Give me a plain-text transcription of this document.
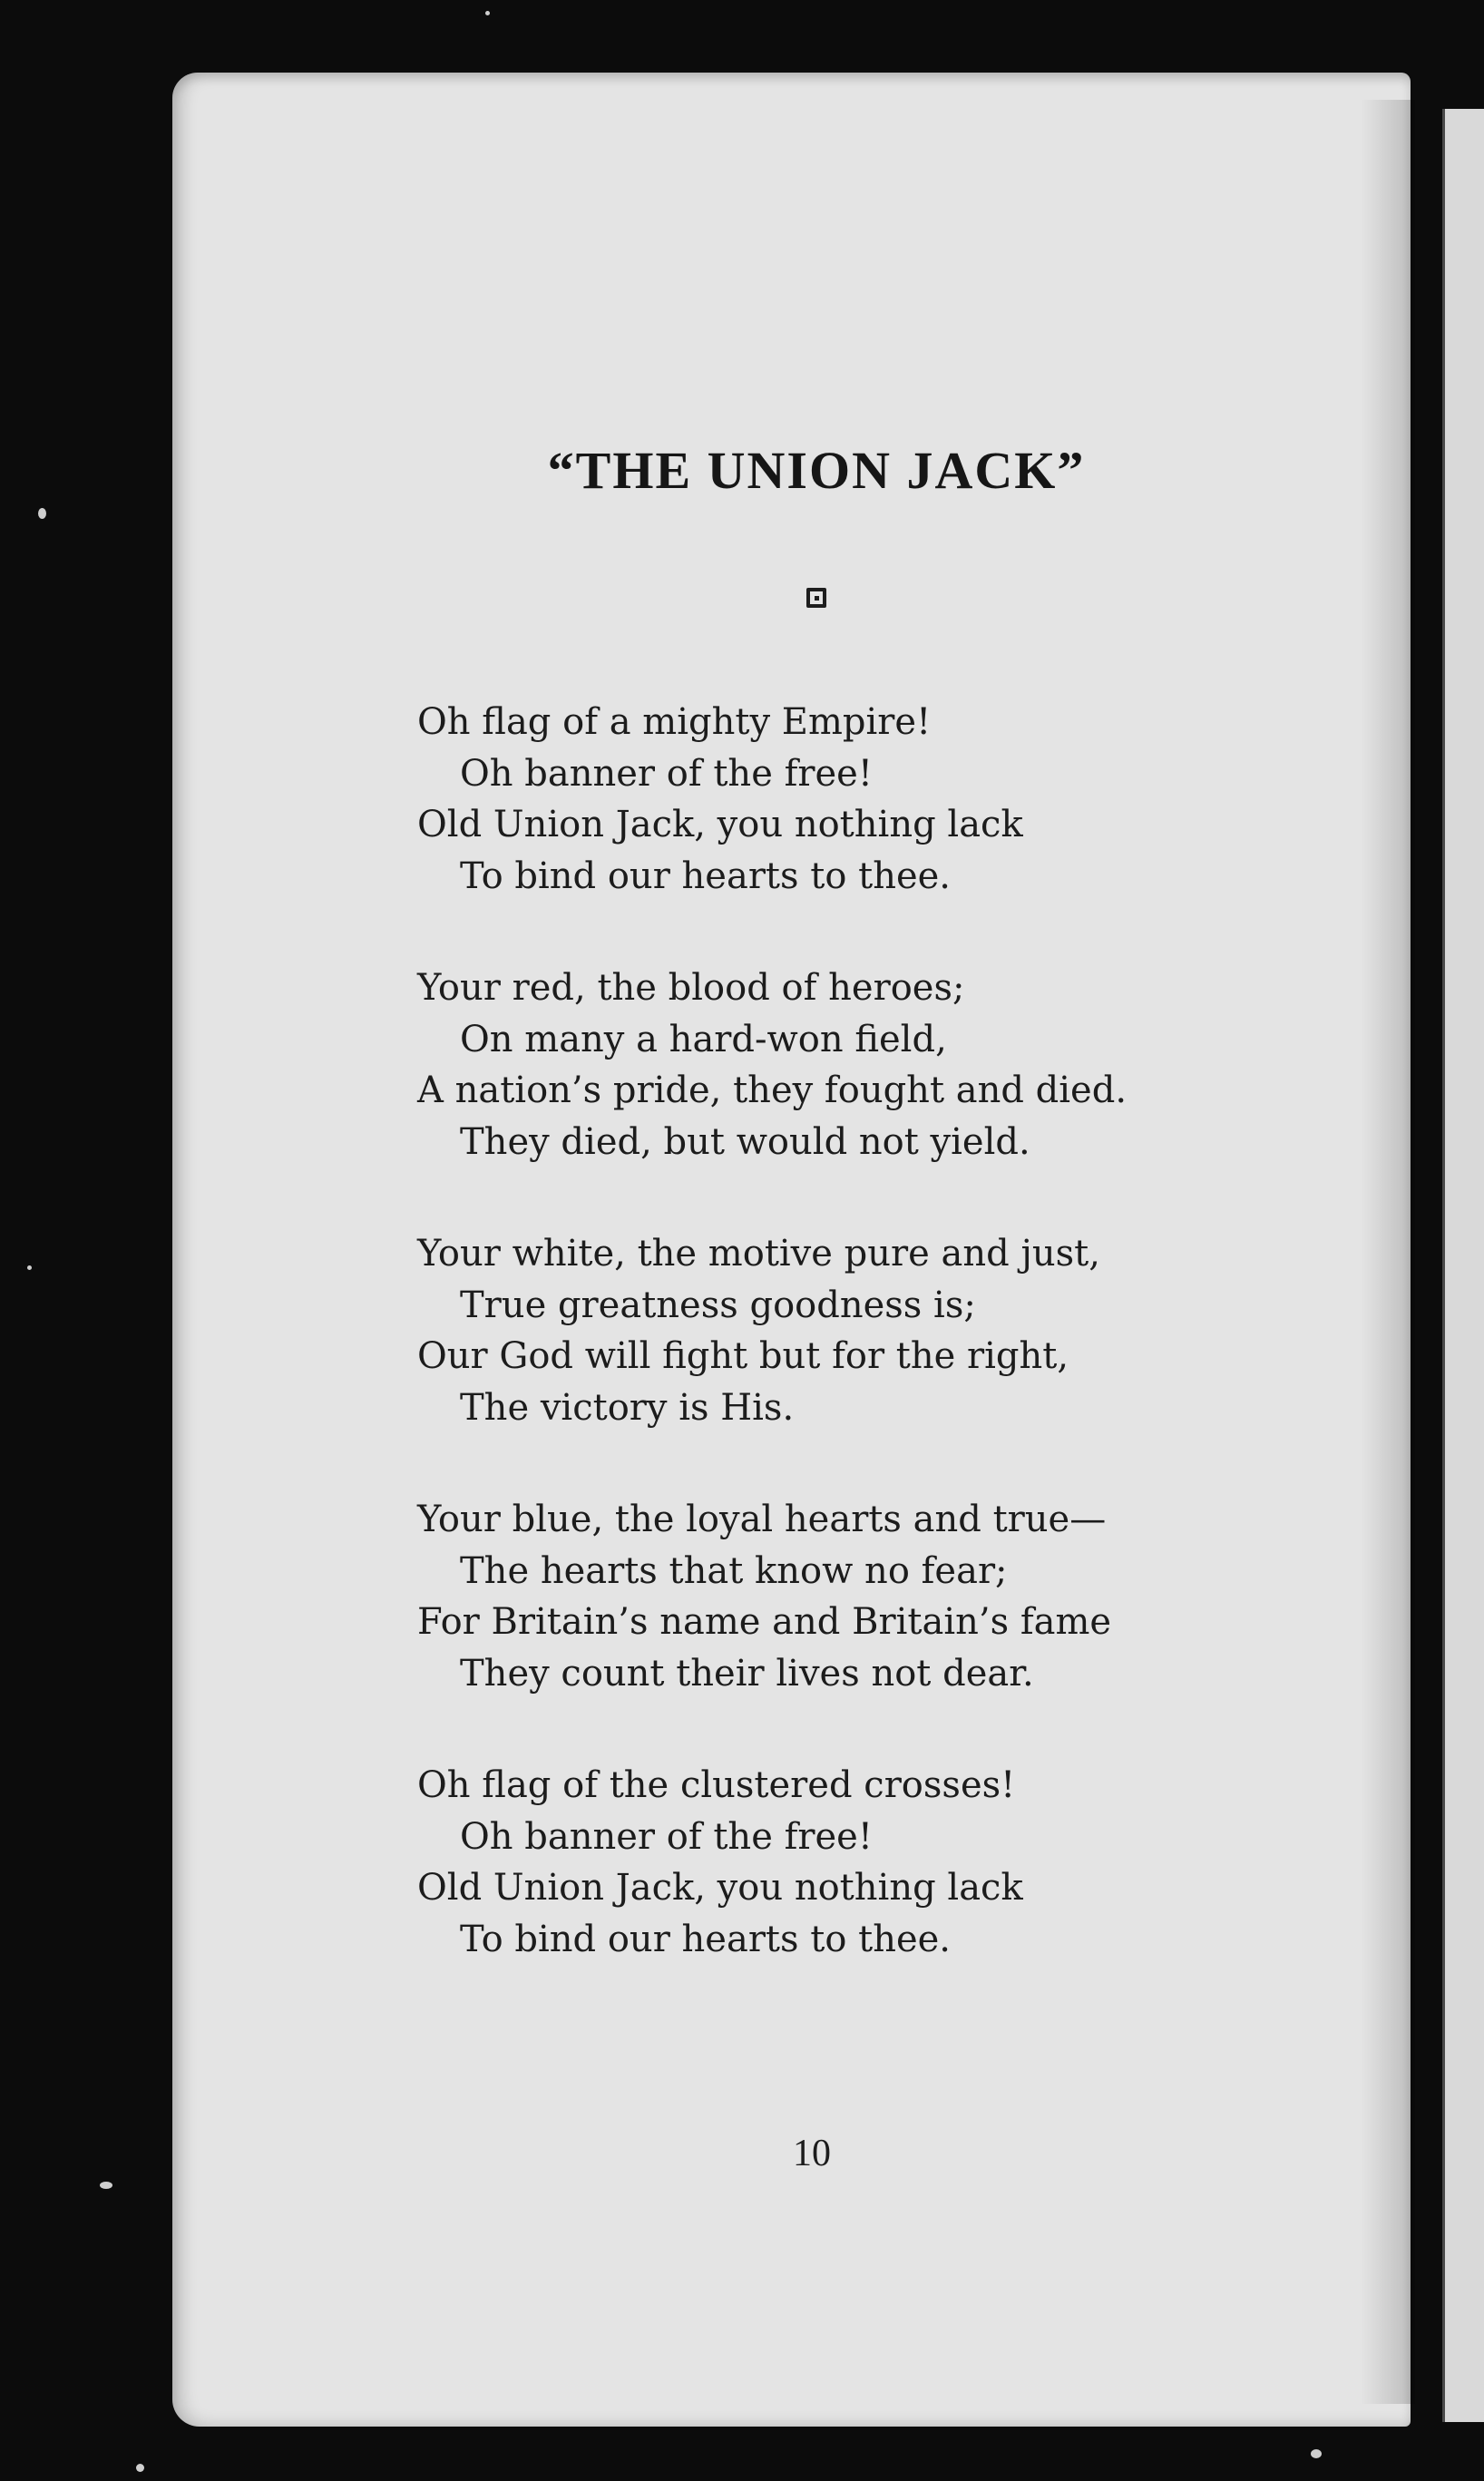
“THE UNION JACK”
Oh flag of a mighty Empire!
Oh banner of the free!
Old Union Jack, you nothing lack
To bind our hearts to thee.
Your red, the blood of heroes;
On many a hard-won field,
A nation’s pride, they fought and died.
They died, but would not yield.
Your white, the motive pure and just,
True greatness goodness is;
Our God will fight but for the right,
The victory is His.
Your blue, the loyal hearts and true—
The hearts that know no fear;
For Britain’s name and Britain’s fame
They count their lives not dear.
Oh flag of the clustered crosses!
Oh banner of the free!
Old Union Jack, you nothing lack
To bind our hearts to thee.
10
